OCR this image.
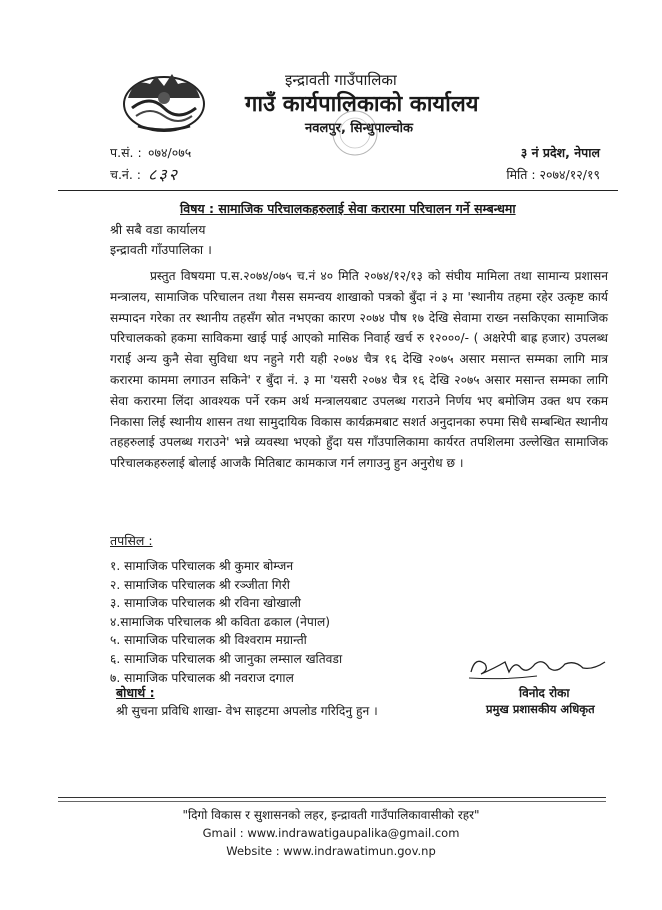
इन्द्रावती गाउँपालिका
गाउँ कार्यपालिकाको कार्यालय
नवलपुर, सिन्धुपाल्चोक
प.सं. : ०७४/०७५
च.नं. : ८३२
३ नं प्रदेश, नेपाल
मिति : २०७४/१२/१९
विषय : सामाजिक परिचालकहरुलाई सेवा करारमा परिचालन गर्ने सम्बन्धमा
श्री सबै वडा कार्यालय
इन्द्रावती गाँउपालिका ।
प्रस्तुत विषयमा प.स.२०७४/०७५ च.नं ४० मिति २०७४/१२/१३ को संघीय मामिला तथा सामान्य प्रशासन मन्त्रालय, सामाजिक परिचालन तथा गैसस समन्वय शाखाको पत्रको बुँदा नं ३ मा 'स्थानीय तहमा रहेर उत्कृष्ट कार्य सम्पादन गरेका तर स्थानीय तहसँग स्रोत नभएका कारण २०७४ पौष १७ देखि सेवामा राख्न नसकिएका सामाजिक परिचालकको हकमा साविकमा खाई पाई आएको मासिक निवार्ह खर्च रु १२०००/- ( अक्षरेपी बाह्र हजार) उपलब्ध गराई अन्य कुनै सेवा सुविधा थप नहुने गरी यही २०७४ चैत्र १६ देखि २०७५ असार मसान्त सम्मका लागि मात्र करारमा काममा लगाउन सकिने' र बुँदा नं. ३ मा 'यसरी २०७४ चैत्र १६ देखि २०७५ असार मसान्त सम्मका लागि सेवा करारमा लिंदा आवश्यक पर्ने रकम अर्थ मन्त्रालयबाट उपलब्ध गराउने निर्णय भए बमोजिम उक्त थप रकम निकासा लिई स्थानीय शासन तथा सामुदायिक विकास कार्यक्रमबाट सशर्त अनुदानका रुपमा सिधै सम्बन्धित स्थानीय तहहरुलाई उपलब्ध गराउने' भन्ने व्यवस्था भएको हुँदा यस गाँउपालिकामा कार्यरत तपशिलमा उल्लेखित सामाजिक परिचालकहरुलाई बोलाई आजकै मितिबाट कामकाज गर्न लगाउनु हुन अनुरोध छ ।
तपसिल :
१. सामाजिक परिचालक श्री कुमार बोम्जन
२. सामाजिक परिचालक श्री रञ्जीता गिरी
३. सामाजिक परिचालक श्री रविना खोखाली
४.सामाजिक परिचालक श्री कविता ढकाल (नेपाल)
५. सामाजिक परिचालक श्री विश्वराम मग्रान्ती
६. सामाजिक परिचालक श्री जानुका लम्साल खतिवडा
७. सामाजिक परिचालक श्री नवराज दगाल
बोधार्थ :
श्री सुचना प्रविधि शाखा- वेभ साइटमा अपलोड गरिदिनु हुन ।
विनोद रोका
प्रमुख प्रशासकीय अधिकृत
"दिगो विकास र सुशासनको लहर, इन्द्रावती गाउँपालिकावासीको रहर"
Gmail : www.indrawatigaupalika@gmail.com
Website : www.indrawatimun.gov.np
